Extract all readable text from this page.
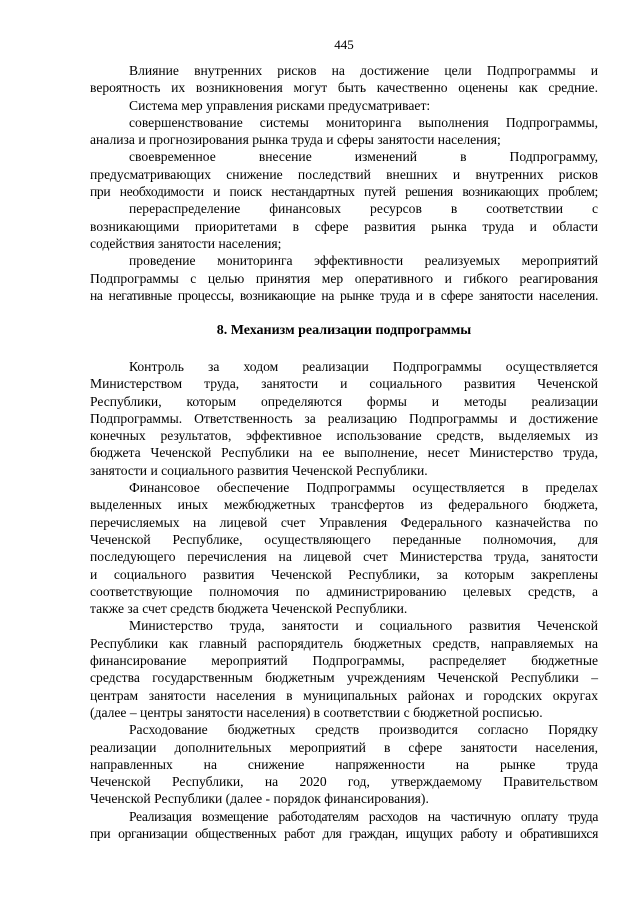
445

Влияние внутренних рисков на достижение цели Подпрограммы и

вероятность их возникновения могут быть качественно оценены как средние.

Система мер управления рисками предусматривает:

совершенствование системы мониторинга выполнения Подпрограммы,

анализа и прогнозирования рынка труда и сферы занятости населения;

своевременное внесение изменений в Подпрограмму,

предусматривающих снижение последствий внешних и внутренних рисков

при необходимости и поиск нестандартных путей решения возникающих проблем;

перераспределение финансовых ресурсов в соответствии с

возникающими приоритетами в сфере развития рынка труда и области

содействия занятости населения;

проведение мониторинга эффективности реализуемых мероприятий

Подпрограммы с целью принятия мер оперативного и гибкого реагирования

на негативные процессы, возникающие на рынке труда и в сфере занятости населения.

8. Механизм реализации подпрограммы

Контроль за ходом реализации Подпрограммы осуществляется

Министерством труда, занятости и социального развития Чеченской

Республики, которым определяются формы и методы реализации

Подпрограммы. Ответственность за реализацию Подпрограммы и достижение

конечных результатов, эффективное использование средств, выделяемых из

бюджета Чеченской Республики на ее выполнение, несет Министерство труда,

занятости и социального развития Чеченской Республики.

Финансовое обеспечение Подпрограммы осуществляется в пределах

выделенных иных межбюджетных трансфертов из федерального бюджета,

перечисляемых на лицевой счет Управления Федерального казначейства по

Чеченской Республике, осуществляющего переданные полномочия, для

последующего перечисления на лицевой счет Министерства труда, занятости

и социального развития Чеченской Республики, за которым закреплены

соответствующие полномочия по администрированию целевых средств, а

также за счет средств бюджета Чеченской Республики.

Министерство труда, занятости и социального развития Чеченской

Республики как главный распорядитель бюджетных средств, направляемых на

финансирование мероприятий Подпрограммы, распределяет бюджетные

средства государственным бюджетным учреждениям Чеченской Республики –

центрам занятости населения в муниципальных районах и городских округах

(далее – центры занятости населения) в соответствии с бюджетной росписью.

Расходование бюджетных средств производится согласно Порядку

реализации дополнительных мероприятий в сфере занятости населения,

направленных на снижение напряженности на рынке труда

Чеченской Республики, на 2020 год, утверждаемому Правительством

Чеченской Республики (далее - порядок финансирования).

Реализация возмещение работодателям расходов на частичную оплату труда

при организации общественных работ для граждан, ищущих работу и обратившихся
